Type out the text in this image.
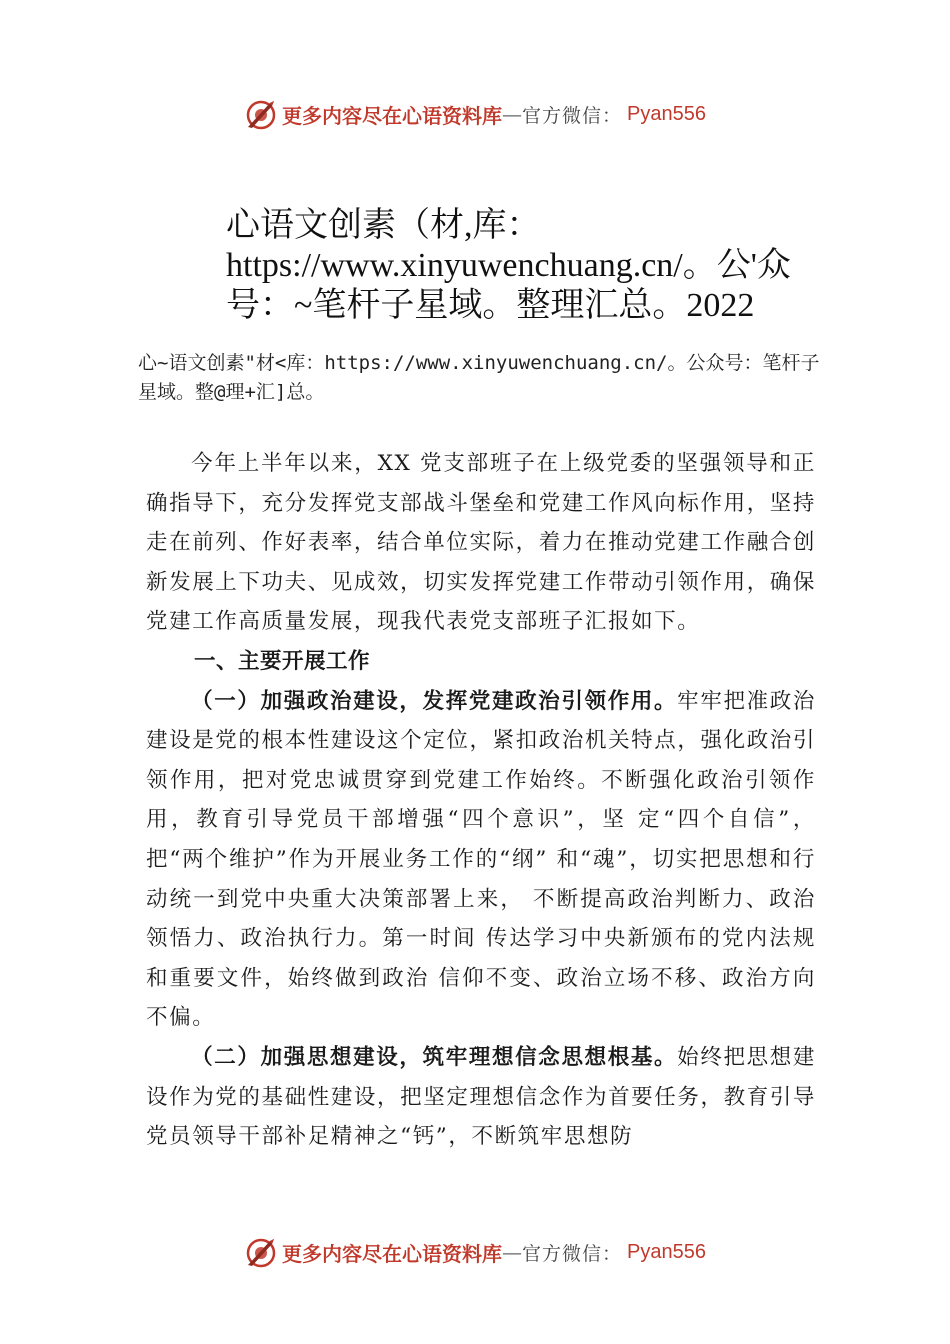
更多内容尽在心语资料库 — 官方微信 ： Pyan556
心语文创素（材,库：https://www.xinyuwenchuang.cn/。公'众号：~笔杆子星域。整理汇总。2022

心~语文创素"材<库：https://www.xinyuwenchuang.cn/。公众号：笔杆子星域。整@理+汇]总。

今年上半年以来，XX 党支部班子在上级党委的坚强领导和正确指导下，充分发挥党支部战斗堡垒和党建工作风向标作用，坚持走在前列、作好表率，结合单位实际，着力在推动党建工作融合创新发展上下功夫、见成效，切实发挥党建工作带动引领作用，确保党建工作高质量发展，现我代表党支部班子汇报如下。

一、主要开展工作

（一）加强政治建设，发挥党建政治引领作用。牢牢把准政治建设是党的根本性建设这个定位，紧扣政治机关特点，强化政治引领作用，把对党忠诚贯穿到党建工作始终。不断强化政治引领作用，教育引导党员干部增强“四个意识”，坚 定“四个自信”，把“两个维护”作为开展业务工作的“纲” 和“魂”，切实把思想和行动统一到党中央重大决策部署上来， 不断提高政治判断力、政治领悟力、政治执行力。第一时间 传达学习中央新颁布的党内法规和重要文件，始终做到政治 信仰不变、政治立场不移、政治方向不偏。

（二）加强思想建设，筑牢理想信念思想根基。始终把思想建设作为党的基础性建设，把坚定理想信念作为首要任务，教育引导党员领导干部补足精神之“钙”，不断筑牢思想防

更多内容尽在心语资料库 — 官方微信 ： Pyan556
